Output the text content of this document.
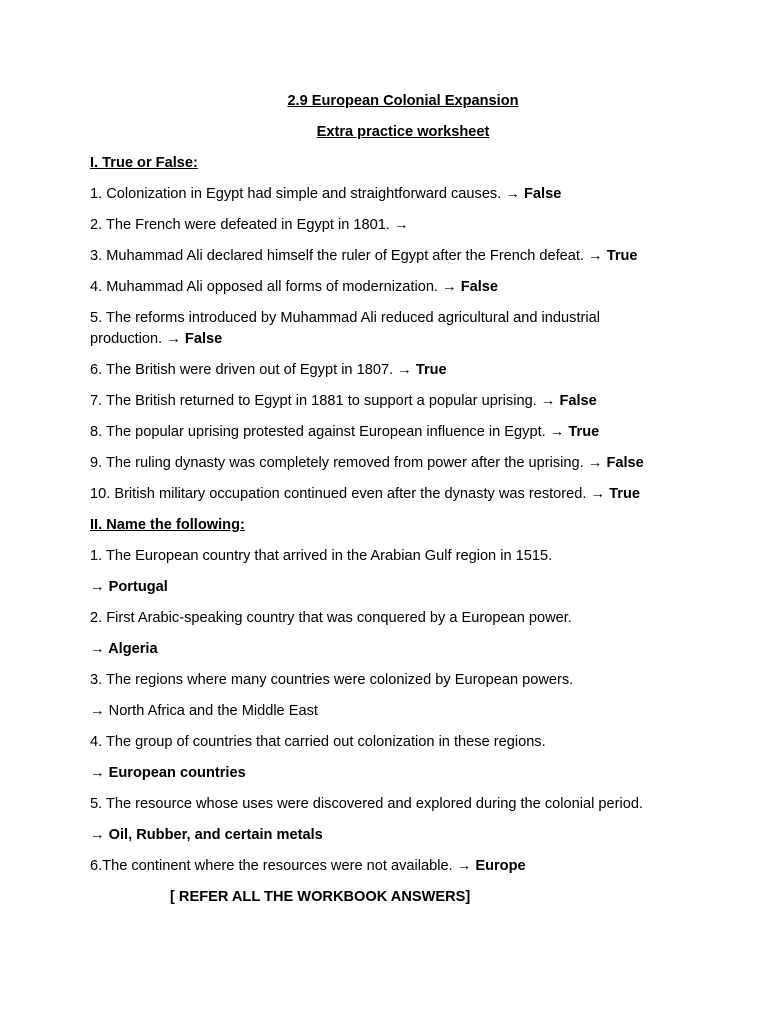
2.9 European Colonial Expansion
Extra practice worksheet
I. True or False:
1. Colonization in Egypt had simple and straightforward causes. → False
2. The French were defeated in Egypt in 1801. →
3. Muhammad Ali declared himself the ruler of Egypt after the French defeat. → True
4. Muhammad Ali opposed all forms of modernization. → False
5. The reforms introduced by Muhammad Ali reduced agricultural and industrial
production. → False
6. The British were driven out of Egypt in 1807. → True
7. The British returned to Egypt in 1881 to support a popular uprising. → False
8. The popular uprising protested against European influence in Egypt. → True
9. The ruling dynasty was completely removed from power after the uprising. → False
10. British military occupation continued even after the dynasty was restored. → True
II. Name the following:
1. The European country that arrived in the Arabian Gulf region in 1515.
→ Portugal
2. First Arabic-speaking country that was conquered by a European power.
→ Algeria
3. The regions where many countries were colonized by European powers.
→ North Africa and the Middle East
4. The group of countries that carried out colonization in these regions.
→ European countries
5. The resource whose uses were discovered and explored during the colonial period.
→ Oil, Rubber, and certain metals
6.The continent where the resources were not available. → Europe
[ REFER ALL THE WORKBOOK ANSWERS]
